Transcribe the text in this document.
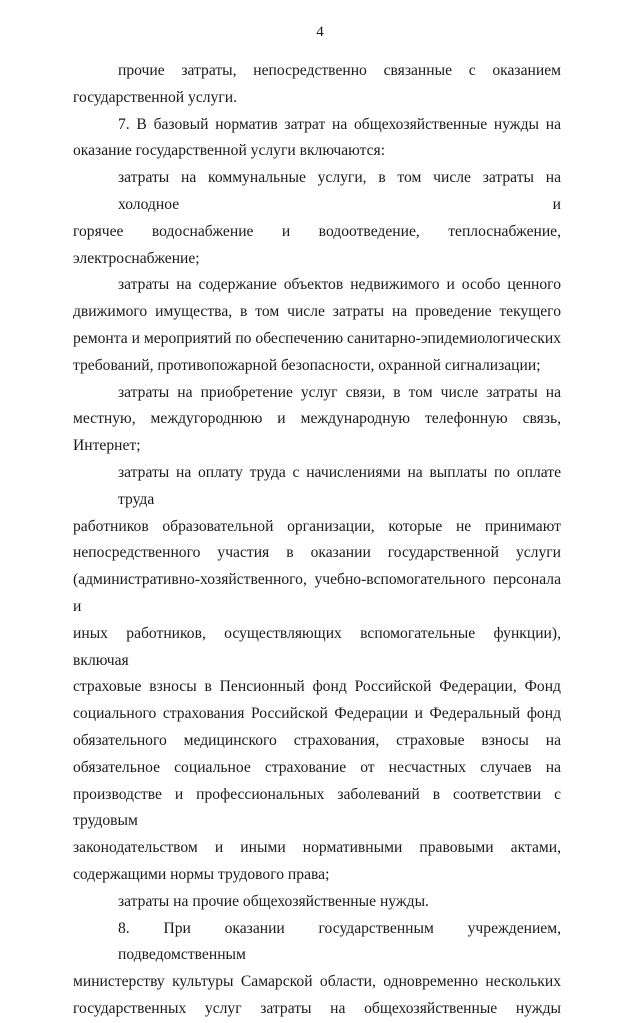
4
прочие затраты, непосредственно связанные с оказанием
государственной услуги.
7. В базовый норматив затрат на общехозяйственные нужды на
оказание государственной услуги включаются:
затраты на коммунальные услуги, в том числе затраты на холодное и
горячее водоснабжение и водоотведение, теплоснабжение,
электроснабжение;
затраты на содержание объектов недвижимого и особо ценного
движимого имущества, в том числе затраты на проведение текущего
ремонта и мероприятий по обеспечению санитарно-эпидемиологических
требований, противопожарной безопасности, охранной сигнализации;
затраты на приобретение услуг связи, в том числе затраты на
местную, междугороднюю и международную телефонную связь,
Интернет;
затраты на оплату труда с начислениями на выплаты по оплате труда
работников образовательной организации, которые не принимают
непосредственного участия в оказании государственной услуги
(административно-хозяйственного, учебно-вспомогательного персонала и
иных работников, осуществляющих вспомогательные функции), включая
страховые взносы в Пенсионный фонд Российской Федерации, Фонд
социального страхования Российской Федерации и Федеральный фонд
обязательного медицинского страхования, страховые взносы на
обязательное социальное страхование от несчастных случаев на
производстве и профессиональных заболеваний в соответствии с трудовым
законодательством и иными нормативными правовыми актами,
содержащими нормы трудового права;
затраты на прочие общехозяйственные нужды.
8. При оказании государственным учреждением, подведомственным
министерству культуры Самарской области, одновременно нескольких
государственных услуг затраты на общехозяйственные нужды
